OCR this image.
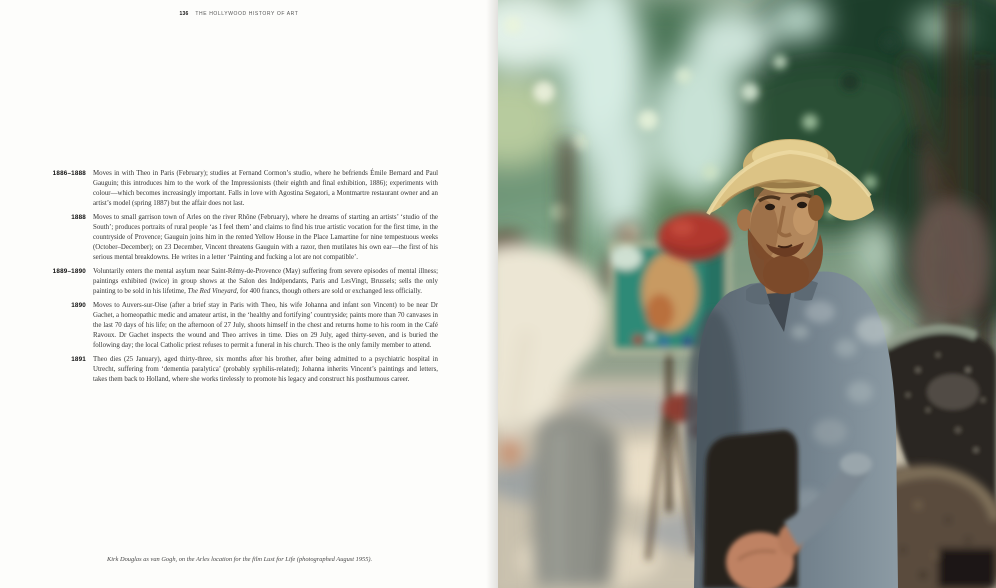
136 THE HOLLYWOOD HISTORY OF ART
1886–1888 Moves in with Theo in Paris (February); studies at Fernand Cormon’s studio, where he befriends Émile Bernard and Paul Gauguin; this introduces him to the work of the Impressionists (their eighth and final exhibition, 1886); experiments with colour—which becomes increasingly important. Falls in love with Agostina Segatori, a Montmartre restaurant owner and an artist’s model (spring 1887) but the affair does not last.
1888 Moves to small garrison town of Arles on the river Rhône (February), where he dreams of starting an artists’ ‘studio of the South’; produces portraits of rural people ‘as I feel them’ and claims to find his true artistic vocation for the first time, in the countryside of Provence; Gauguin joins him in the rented Yellow House in the Place Lamartine for nine tempestuous weeks (October–December); on 23 December, Vincent threatens Gauguin with a razor, then mutilates his own ear—the first of his serious mental breakdowns. He writes in a letter ‘Painting and fucking a lot are not compatible’.
1889–1890 Voluntarily enters the mental asylum near Saint-Rémy-de-Provence (May) suffering from severe episodes of mental illness; paintings exhibited (twice) in group shows at the Salon des Indépendants, Paris and LesVingt, Brussels; sells the only painting to be sold in his lifetime, The Red Vineyard, for 400 francs, though others are sold or exchanged less officially.
1890 Moves to Auvers-sur-Oise (after a brief stay in Paris with Theo, his wife Johanna and infant son Vincent) to be near Dr Gachet, a homeopathic medic and amateur artist, in the ‘healthy and fortifying’ countryside; paints more than 70 canvases in the last 70 days of his life; on the afternoon of 27 July, shoots himself in the chest and returns home to his room in the Café Ravoux. Dr Gachet inspects the wound and Theo arrives in time. Dies on 29 July, aged thirty-seven, and is buried the following day; the local Catholic priest refuses to permit a funeral in his church. Theo is the only family member to attend.
1891 Theo dies (25 January), aged thirty-three, six months after his brother, after being admitted to a psychiatric hospital in Utrecht, suffering from ‘dementia paralytica’ (probably syphilis-related); Johanna inherits Vincent’s paintings and letters, takes them back to Holland, where she works tirelessly to promote his legacy and construct his posthumous career.
Kirk Douglas as van Gogh, on the Arles location for the film Lust for Life (photographed August 1955).
